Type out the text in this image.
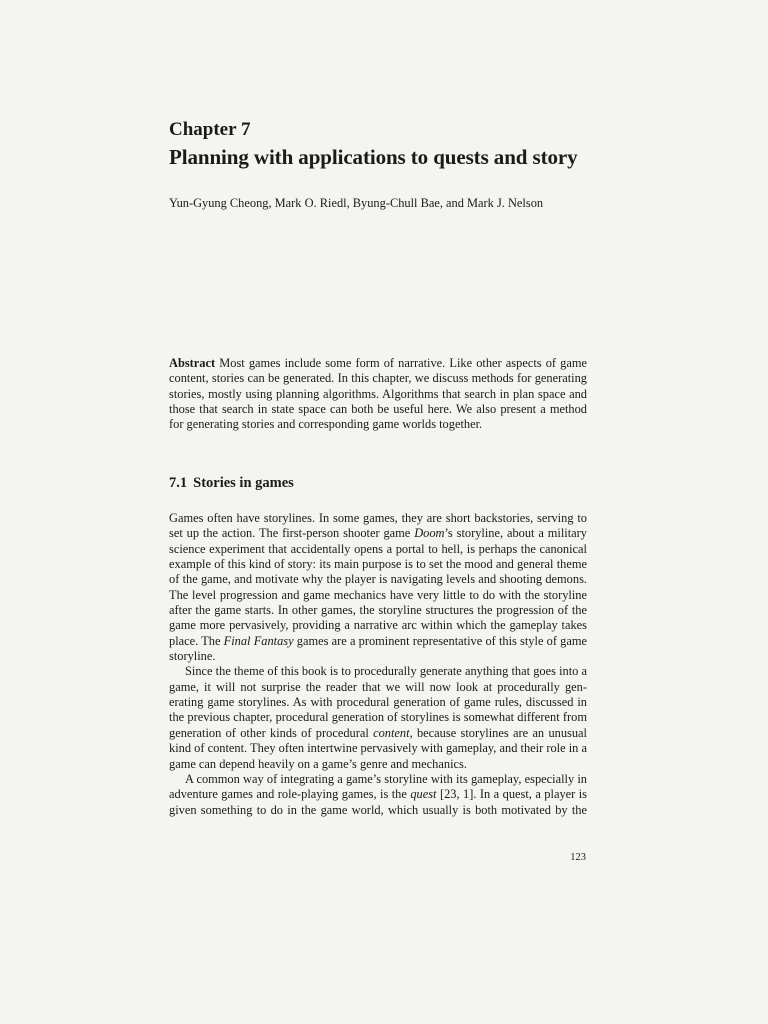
Chapter 7
Planning with applications to quests and story
Yun-Gyung Cheong, Mark O. Riedl, Byung-Chull Bae, and Mark J. Nelson
Abstract Most games include some form of narrative. Like other aspects of game content, stories can be generated. In this chapter, we discuss methods for generating stories, mostly using planning algorithms. Algorithms that search in plan space and those that search in state space can both be useful here. We also present a method for generating stories and corresponding game worlds together.
7.1 Stories in games

Games often have storylines. In some games, they are short backstories, serving to set up the action. The first-person shooter game Doom’s storyline, about a military science experiment that accidentally opens a portal to hell, is perhaps the canonical example of this kind of story: its main purpose is to set the mood and general theme of the game, and motivate why the player is navigating levels and shooting demons. The level progression and game mechanics have very little to do with the storyline after the game starts. In other games, the storyline structures the progression of the game more pervasively, providing a narrative arc within which the gameplay takes place. The Final Fantasy games are a prominent representative of this style of game storyline.

Since the theme of this book is to procedurally generate anything that goes into a game, it will not surprise the reader that we will now look at procedurally gen-erating game storylines. As with procedural generation of game rules, discussed in the previous chapter, procedural generation of storylines is somewhat different from generation of other kinds of procedural content, because storylines are an unusual kind of content. They often intertwine pervasively with gameplay, and their role in a game can depend heavily on a game’s genre and mechanics.

A common way of integrating a game’s storyline with its gameplay, especially in adventure games and role-playing games, is the quest [23, 1]. In a quest, a player is given something to do in the game world, which usually is both motivated by the

123
